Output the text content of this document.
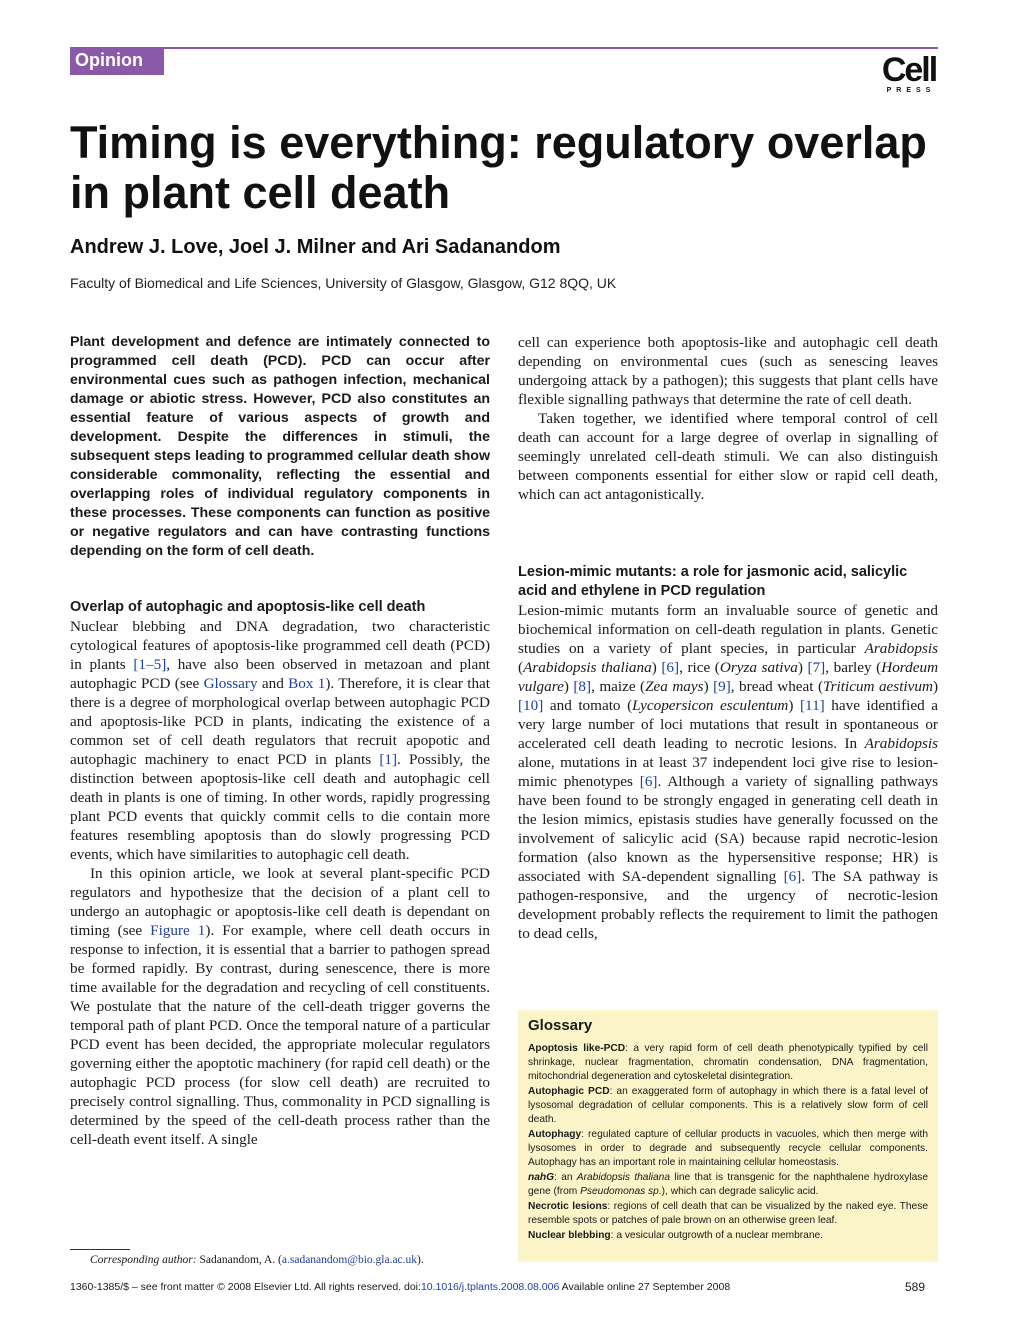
Opinion	Cell
PRESS
Timing is everything: regulatory overlap in plant cell death
Andrew J. Love, Joel J. Milner and Ari Sadanandom
Faculty of Biomedical and Life Sciences, University of Glasgow, Glasgow, G12 8QQ, UK
Plant development and defence are intimately connected to programmed cell death (PCD). PCD can occur after environmental cues such as pathogen infection, mechanical damage or abiotic stress. However, PCD also constitutes an essential feature of various aspects of growth and development. Despite the differences in stimuli, the subsequent steps leading to programmed cellular death show considerable commonality, reflecting the essential and overlapping roles of individual regulatory components in these processes. These components can function as positive or negative regulators and can have contrasting functions depending on the form of cell death.
Overlap of autophagic and apoptosis-like cell death

Nuclear blebbing and DNA degradation, two characteristic cytological features of apoptosis-like programmed cell death (PCD) in plants [1–5], have also been observed in metazoan and plant autophagic PCD (see Glossary and Box 1). Therefore, it is clear that there is a degree of morphological overlap between autophagic PCD and apoptosis-like PCD in plants, indicating the existence of a common set of cell death regulators that recruit apopotic and autophagic machinery to enact PCD in plants [1]. Possibly, the distinction between apoptosis-like cell death and autophagic cell death in plants is one of timing. In other words, rapidly progressing plant PCD events that quickly commit cells to die contain more features resembling apoptosis than do slowly progressing PCD events, which have similarities to autophagic cell death.

In this opinion article, we look at several plant-specific PCD regulators and hypothesize that the decision of a plant cell to undergo an autophagic or apoptosis-like cell death is dependant on timing (see Figure 1). For example, where cell death occurs in response to infection, it is essential that a barrier to pathogen spread be formed rapidly. By contrast, during senescence, there is more time available for the degradation and recycling of cell constituents. We postulate that the nature of the cell-death trigger governs the temporal path of plant PCD. Once the temporal nature of a particular PCD event has been decided, the appropriate molecular regulators governing either the apoptotic machinery (for rapid cell death) or the autophagic PCD process (for slow cell death) are recruited to precisely control signalling. Thus, commonality in PCD signalling is determined by the speed of the cell-death process rather than the cell-death event itself. A single

cell can experience both apoptosis-like and autophagic cell death depending on environmental cues (such as senescing leaves undergoing attack by a pathogen); this suggests that plant cells have flexible signalling pathways that determine the rate of cell death.

Taken together, we identified where temporal control of cell death can account for a large degree of overlap in signalling of seemingly unrelated cell-death stimuli. We can also distinguish between components essential for either slow or rapid cell death, which can act antagonistically.

Lesion-mimic mutants: a role for jasmonic acid, salicylic acid and ethylene in PCD regulation

Lesion-mimic mutants form an invaluable source of genetic and biochemical information on cell-death regulation in plants. Genetic studies on a variety of plant species, in particular Arabidopsis (Arabidopsis thaliana) [6], rice (Oryza sativa) [7], barley (Hordeum vulgare) [8], maize (Zea mays) [9], bread wheat (Triticum aestivum) [10] and tomato (Lycopersicon esculentum) [11] have identified a very large number of loci mutations that result in spontaneous or accelerated cell death leading to necrotic lesions. In Arabidopsis alone, mutations in at least 37 independent loci give rise to lesion-mimic phenotypes [6]. Although a variety of signalling pathways have been found to be strongly engaged in generating cell death in the lesion mimics, epistasis studies have generally focussed on the involvement of salicylic acid (SA) because rapid necrotic-lesion formation (also known as the hypersensitive response; HR) is associated with SA-dependent signalling [6]. The SA pathway is pathogen-responsive, and the urgency of necrotic-lesion development probably reflects the requirement to limit the pathogen to dead cells,

Glossary
Apoptosis like-PCD: a very rapid form of cell death phenotypically typified by cell shrinkage, nuclear fragmentation, chromatin condensation, DNA fragmentation, mitochondrial degeneration and cytoskeletal disintegration.
Autophagic PCD: an exaggerated form of autophagy in which there is a fatal level of lysosomal degradation of cellular components. This is a relatively slow form of cell death.
Autophagy: regulated capture of cellular products in vacuoles, which then merge with lysosomes in order to degrade and subsequently recycle cellular components. Autophagy has an important role in maintaining cellular homeostasis.
nahG: an Arabidopsis thaliana line that is transgenic for the naphthalene hydroxylase gene (from Pseudomonas sp.), which can degrade salicylic acid.
Necrotic lesions: regions of cell death that can be visualized by the naked eye. These resemble spots or patches of pale brown on an otherwise green leaf.
Nuclear blebbing: a vesicular outgrowth of a nuclear membrane.
Corresponding author: Sadanandom, A. (a.sadanandom@bio.gla.ac.uk).
1360-1385/$ – see front matter © 2008 Elsevier Ltd. All rights reserved. doi:10.1016/j.tplants.2008.08.006 Available online 27 September 2008	589
